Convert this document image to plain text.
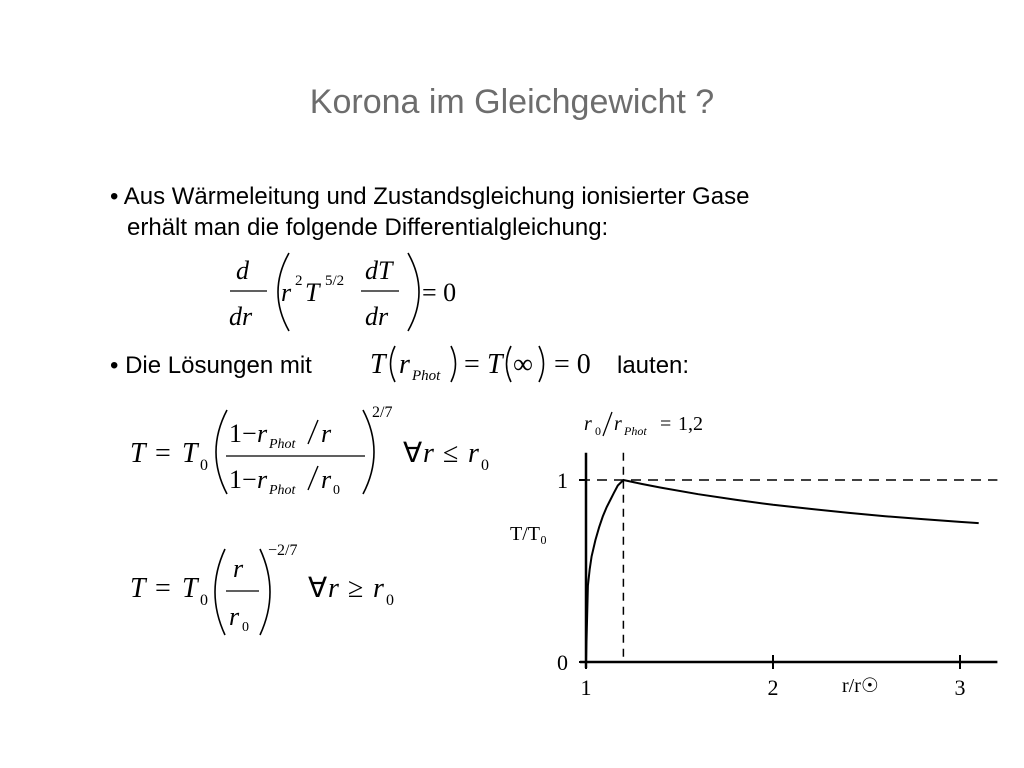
Korona im Gleichgewicht ?
• Aus Wärmeleitung und Zustandsgleichung ionisierter Gase
erhält man die folgende Differentialgleichung:
d
dr
r 2 T 5/2 dT
dr
= 0
• Die Lösungen mit T r Phot = T ∞ = 0 lauten:
T = T 0
1− r Phot r
1− r Phot r 0
2/7
∀ r ≤ r 0
T = T 0
r
r 0
−2/7
∀ r ≥ r 0
r 0 r Phot = 1,2
1	2	3
0
1
T/T₀
r/r☉
